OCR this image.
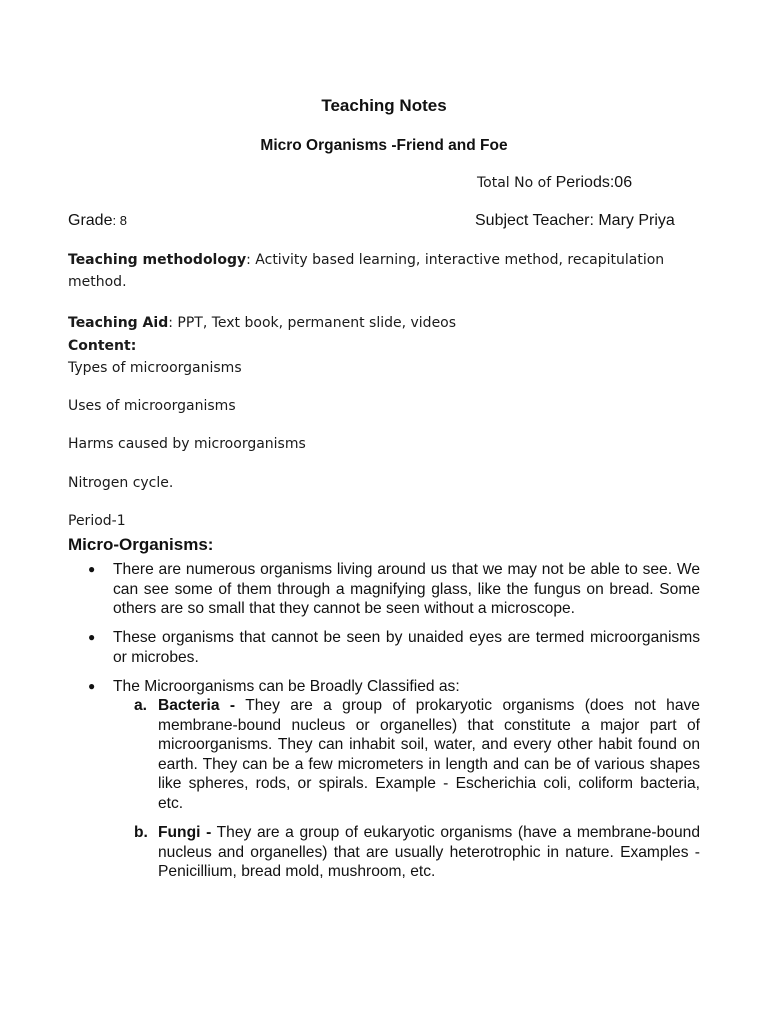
Teaching Notes
Micro Organisms -Friend and Foe
Total No of Periods:06
Grade: 8	Subject Teacher: Mary Priya
Teaching methodology: Activity based learning, interactive method, recapitulation method.
Teaching Aid: PPT, Text book, permanent slide, videos
Content:
Types of microorganisms
Uses of microorganisms
Harms caused by microorganisms
Nitrogen cycle.
Period-1
Micro-Organisms:
● There are numerous organisms living around us that we may not be able to see. We can see some of them through a magnifying glass, like the fungus on bread. Some others are so small that they cannot be seen without a microscope.
● These organisms that cannot be seen by unaided eyes are termed microorganisms or microbes.
● The Microorganisms can be Broadly Classified as:
a. Bacteria - They are a group of prokaryotic organisms (does not have membrane-bound nucleus or organelles) that constitute a major part of microorganisms. They can inhabit soil, water, and every other habit found on earth. They can be a few micrometers in length and can be of various shapes like spheres, rods, or spirals. Example - Escherichia coli, coliform bacteria, etc.
b. Fungi - They are a group of eukaryotic organisms (have a membrane-bound nucleus and organelles) that are usually heterotrophic in nature. Examples - Penicillium, bread mold, mushroom, etc.
